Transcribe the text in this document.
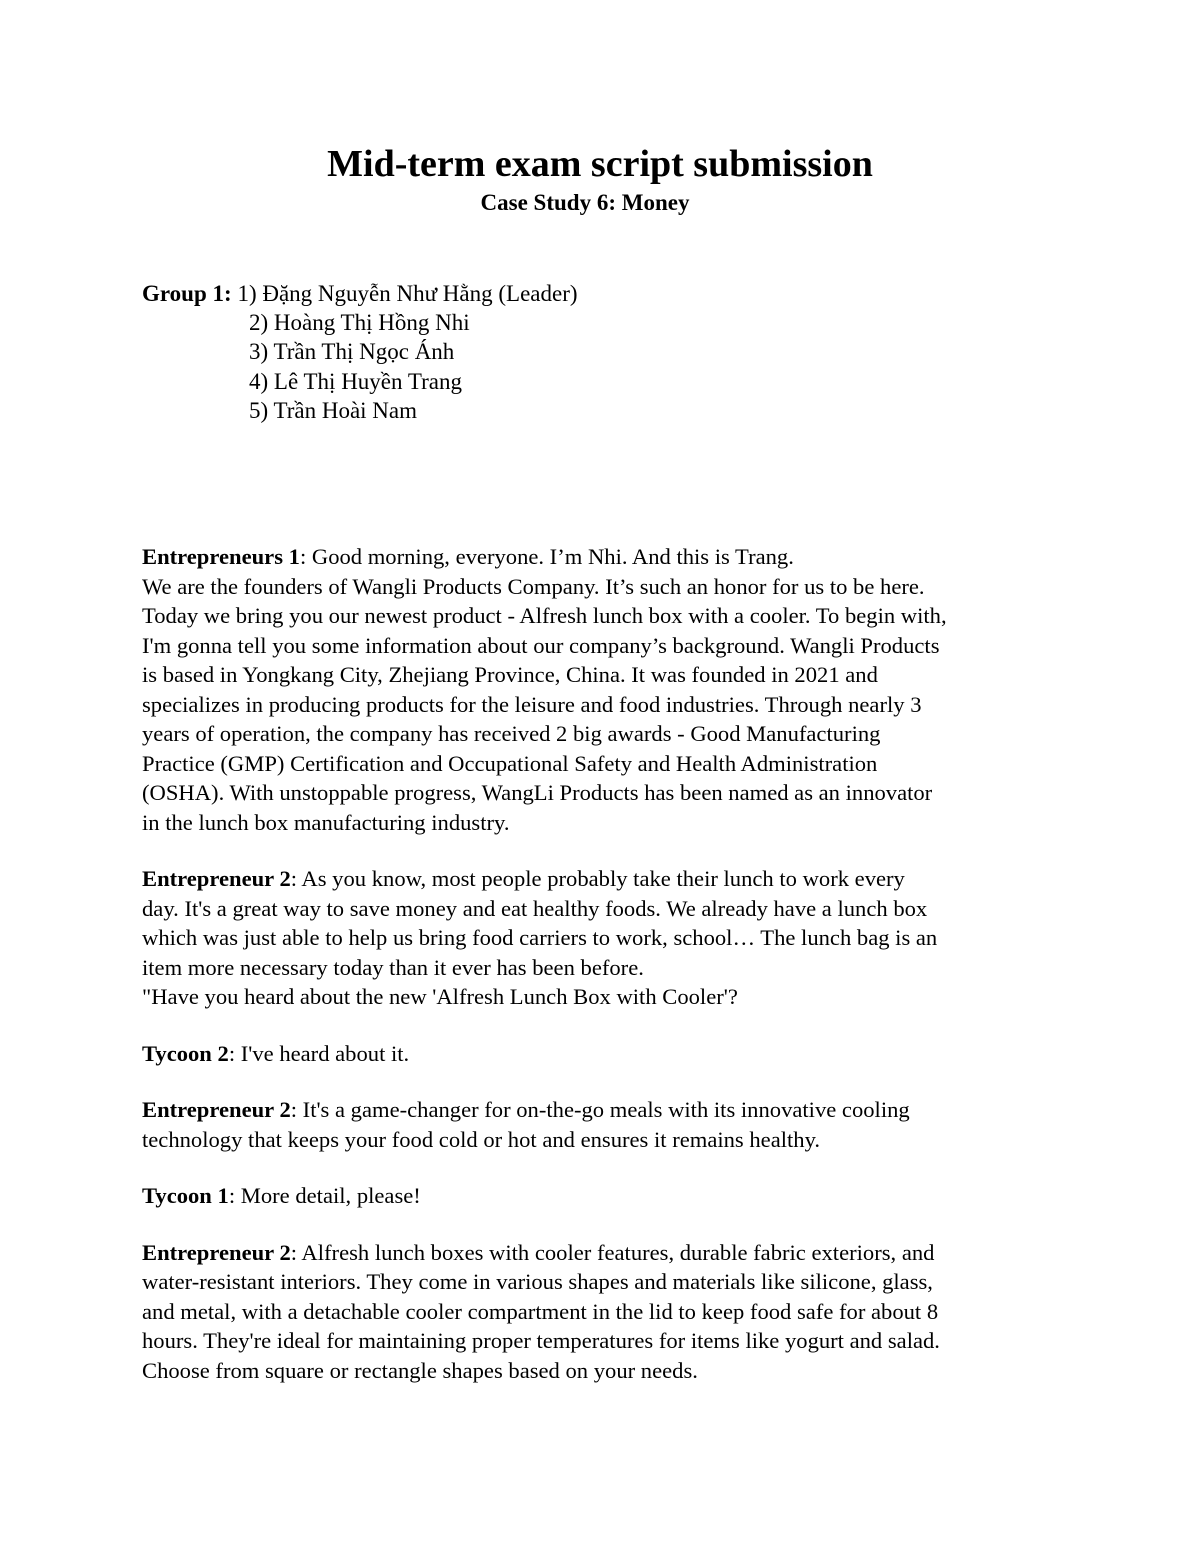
Mid-term exam script submission
Case Study 6: Money
Group 1: 1) Đặng Nguyễn Như Hằng (Leader)
2) Hoàng Thị Hồng Nhi
3) Trần Thị Ngọc Ánh
4) Lê Thị Huyền Trang
5) Trần Hoài Nam
Entrepreneurs 1: Good morning, everyone. I’m Nhi. And this is Trang.
We are the founders of Wangli Products Company. It’s such an honor for us to be here.
Today we bring you our newest product - Alfresh lunch box with a cooler. To begin with,
I'm gonna tell you some information about our company’s background. Wangli Products
is based in Yongkang City, Zhejiang Province, China. It was founded in 2021 and
specializes in producing products for the leisure and food industries. Through nearly 3
years of operation, the company has received 2 big awards - Good Manufacturing
Practice (GMP) Certification and Occupational Safety and Health Administration
(OSHA). With unstoppable progress, WangLi Products has been named as an innovator
in the lunch box manufacturing industry.
Entrepreneur 2: As you know, most people probably take their lunch to work every
day. It's a great way to save money and eat healthy foods. We already have a lunch box
which was just able to help us bring food carriers to work, school… The lunch bag is an
item more necessary today than it ever has been before.
"Have you heard about the new 'Alfresh Lunch Box with Cooler'?
Tycoon 2: I've heard about it.
Entrepreneur 2: It's a game-changer for on-the-go meals with its innovative cooling
technology that keeps your food cold or hot and ensures it remains healthy.
Tycoon 1: More detail, please!
Entrepreneur 2: Alfresh lunch boxes with cooler features, durable fabric exteriors, and
water-resistant interiors. They come in various shapes and materials like silicone, glass,
and metal, with a detachable cooler compartment in the lid to keep food safe for about 8
hours. They're ideal for maintaining proper temperatures for items like yogurt and salad.
Choose from square or rectangle shapes based on your needs.
